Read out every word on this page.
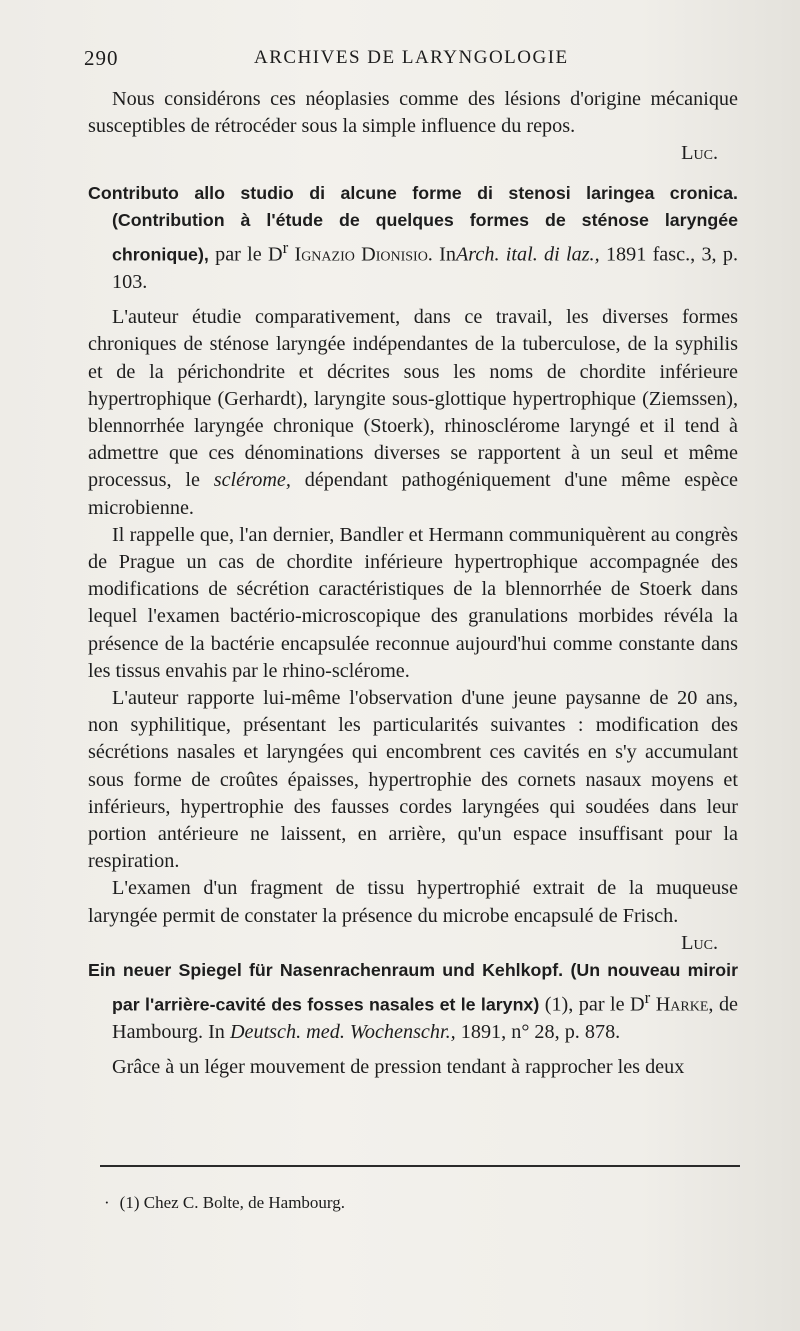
290	ARCHIVES DE LARYNGOLOGIE

Nous considérons ces néoplasies comme des lésions d'origine mécanique susceptibles de rétrocéder sous la simple influence du repos.

Luc.

Contributo allo studio di alcune forme di stenosi laringea cronica. (Contribution à l'étude de quelques formes de sténose laryngée chronique), par le $D^r$ Ignazio Dionisio. InArch. ital. di laz., 1891 fasc., 3, p. 103.

L'auteur étudie comparativement, dans ce travail, les diverses formes chroniques de sténose laryngée indépendantes de la tuberculose, de la syphilis et de la périchondrite et décrites sous les noms de chordite inférieure hypertrophique (Gerhardt), laryngite sous-glottique hypertrophique (Ziemssen), blennorrhée laryngée chronique (Stoerk), rhinosclérome laryngé et il tend à admettre que ces dénominations diverses se rapportent à un seul et même processus, le sclérome, dépendant pathogéniquement d'une même espèce microbienne.

Il rappelle que, l'an dernier, Bandler et Hermann communiquèrent au congrès de Prague un cas de chordite inférieure hypertrophique accompagnée des modifications de sécrétion caractéristiques de la blennorrhée de Stoerk dans lequel l'examen bactério-microscopique des granulations morbides révéla la présence de la bactérie encapsulée reconnue aujourd'hui comme constante dans les tissus envahis par le rhino-sclérome.

L'auteur rapporte lui-même l'observation d'une jeune paysanne de 20 ans, non syphilitique, présentant les particularités suivantes : modification des sécrétions nasales et laryngées qui encombrent ces cavités en s'y accumulant sous forme de croûtes épaisses, hypertrophie des cornets nasaux moyens et inférieurs, hypertrophie des fausses cordes laryngées qui soudées dans leur portion antérieure ne laissent, en arrière, qu'un espace insuffisant pour la respiration.

L'examen d'un fragment de tissu hypertrophié extrait de la muqueuse laryngée permit de constater la présence du microbe encapsulé de Frisch.

Luc.

Ein neuer Spiegel für Nasenrachenraum und Kehlkopf. (Un nouveau miroir par l'arrière-cavité des fosses nasales et le larynx) (1), par le $D^r$ Harke, de Hambourg. In Deutsch. med. Wochenschr., 1891, n° 28, p. 878.

Grâce à un léger mouvement de pression tendant à rapprocher les deux

· (1) Chez C. Bolte, de Hambourg.
